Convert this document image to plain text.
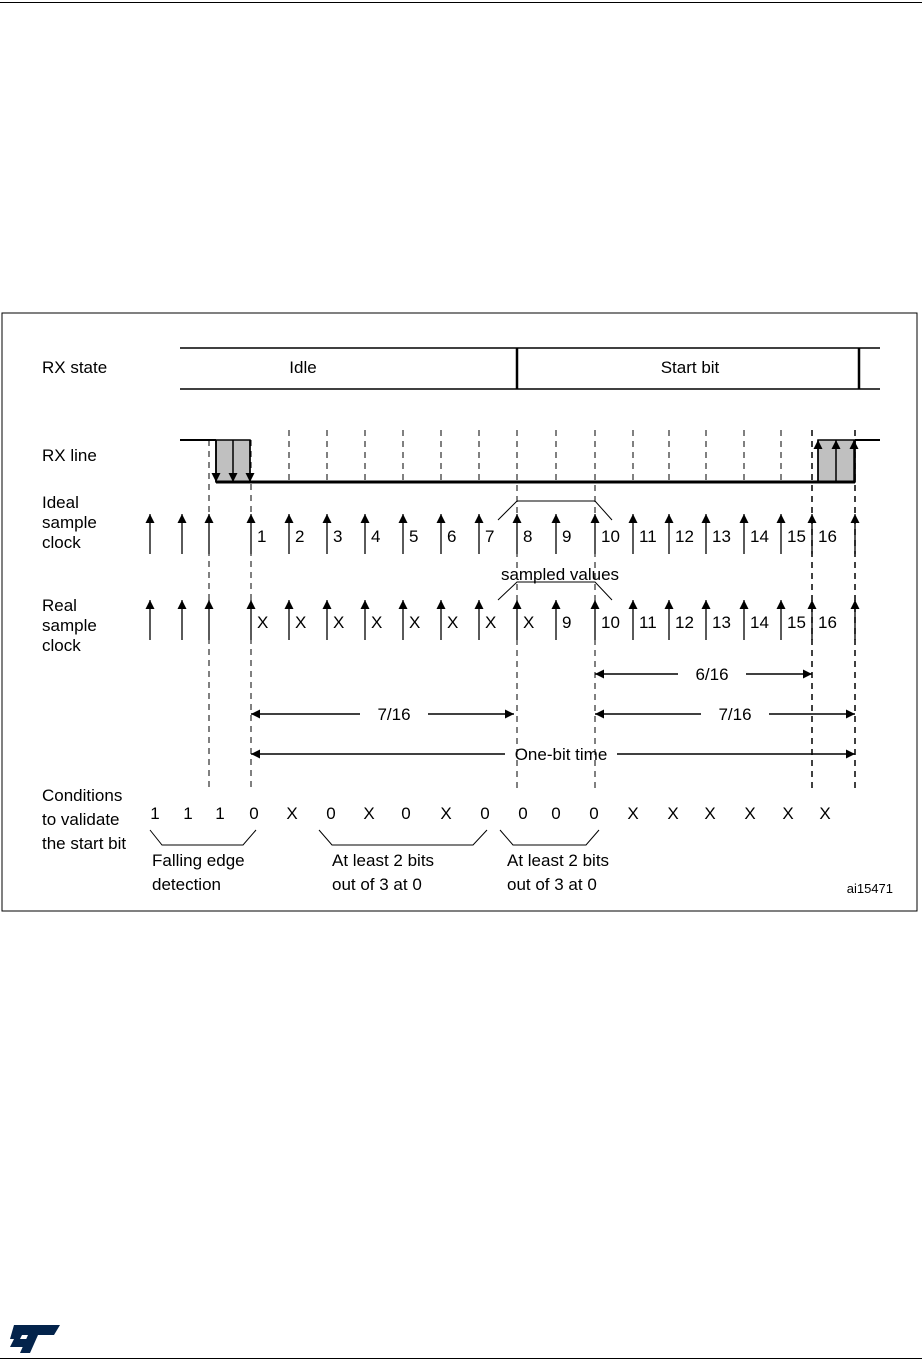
RX state
RX line
Ideal
sample
clock
Real
sample
clock
Conditions
to validate
the start bit
Idle	Start bit
1 2 3 4 5 6 7 8 9 10 11 12 13 14 15 16
X X X X X X X X 9 10 11 12 13 14 15 16
sampled values
6/16
7/16	7/16
One-bit time
1 1 1 0 X 0 X 0 X 0 0 0 0 X X X X X X
Falling edge
detection
At least 2 bits
out of 3 at 0
At least 2 bits
out of 3 at 0	ai15471
